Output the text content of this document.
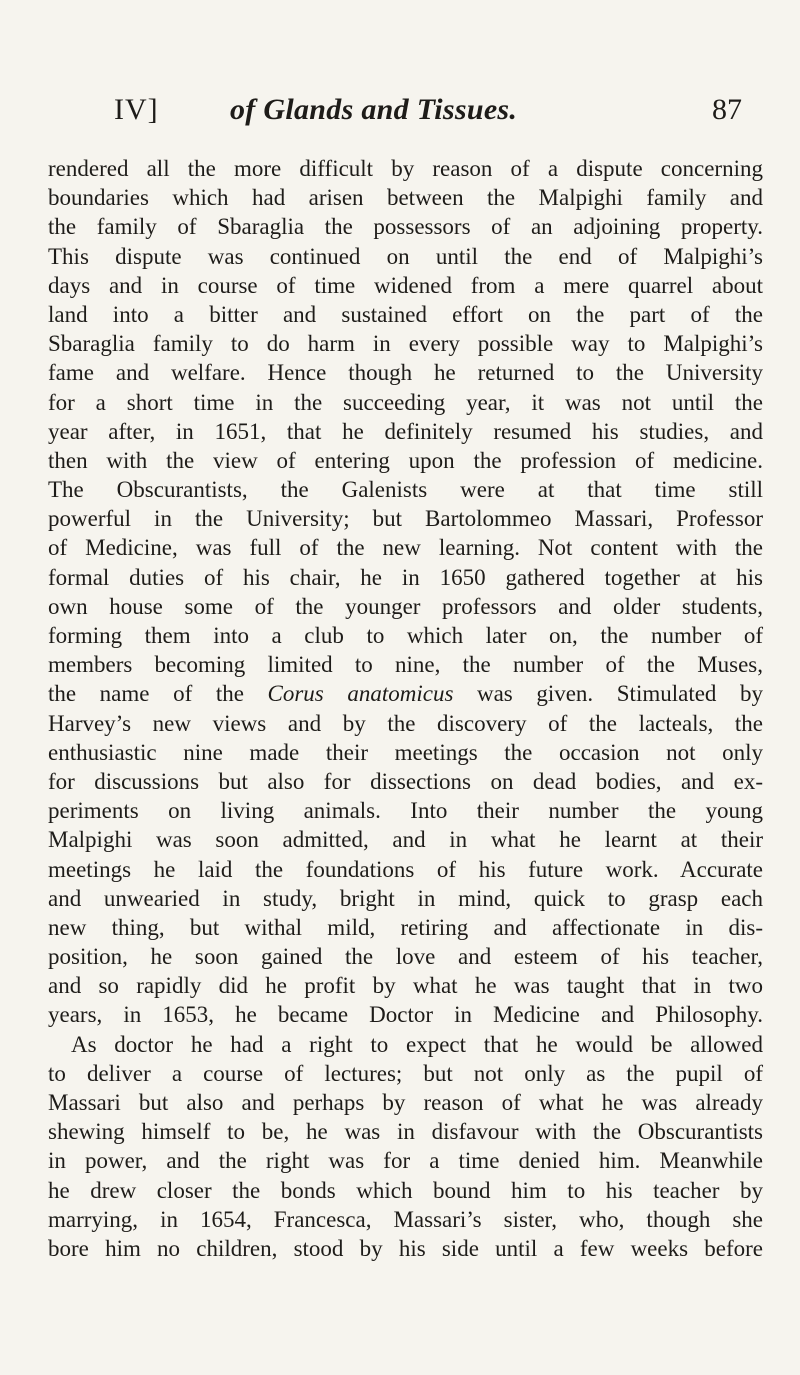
IV] of Glands and Tissues.	87
rendered all the more difficult by reason of a dispute concerning
boundaries which had arisen between the Malpighi family and
the family of Sbaraglia the possessors of an adjoining property.
This dispute was continued on until the end of Malpighi’s
days and in course of time widened from a mere quarrel about
land into a bitter and sustained effort on the part of the
Sbaraglia family to do harm in every possible way to Malpighi’s
fame and welfare. Hence though he returned to the University
for a short time in the succeeding year, it was not until the
year after, in 1651, that he definitely resumed his studies, and
then with the view of entering upon the profession of medicine.
The Obscurantists, the Galenists were at that time still
powerful in the University; but Bartolommeo Massari, Professor
of Medicine, was full of the new learning. Not content with the
formal duties of his chair, he in 1650 gathered together at his
own house some of the younger professors and older students,
forming them into a club to which later on, the number of
members becoming limited to nine, the number of the Muses,
the name of the Corus anatomicus was given. Stimulated by
Harvey’s new views and by the discovery of the lacteals, the
enthusiastic nine made their meetings the occasion not only
for discussions but also for dissections on dead bodies, and ex-
periments on living animals. Into their number the young
Malpighi was soon admitted, and in what he learnt at their
meetings he laid the foundations of his future work. Accurate
and unwearied in study, bright in mind, quick to grasp each
new thing, but withal mild, retiring and affectionate in dis-
position, he soon gained the love and esteem of his teacher,
and so rapidly did he profit by what he was taught that in two
years, in 1653, he became Doctor in Medicine and Philosophy.
As doctor he had a right to expect that he would be allowed
to deliver a course of lectures; but not only as the pupil of
Massari but also and perhaps by reason of what he was already
shewing himself to be, he was in disfavour with the Obscurantists
in power, and the right was for a time denied him. Meanwhile
he drew closer the bonds which bound him to his teacher by
marrying, in 1654, Francesca, Massari’s sister, who, though she
bore him no children, stood by his side until a few weeks before
